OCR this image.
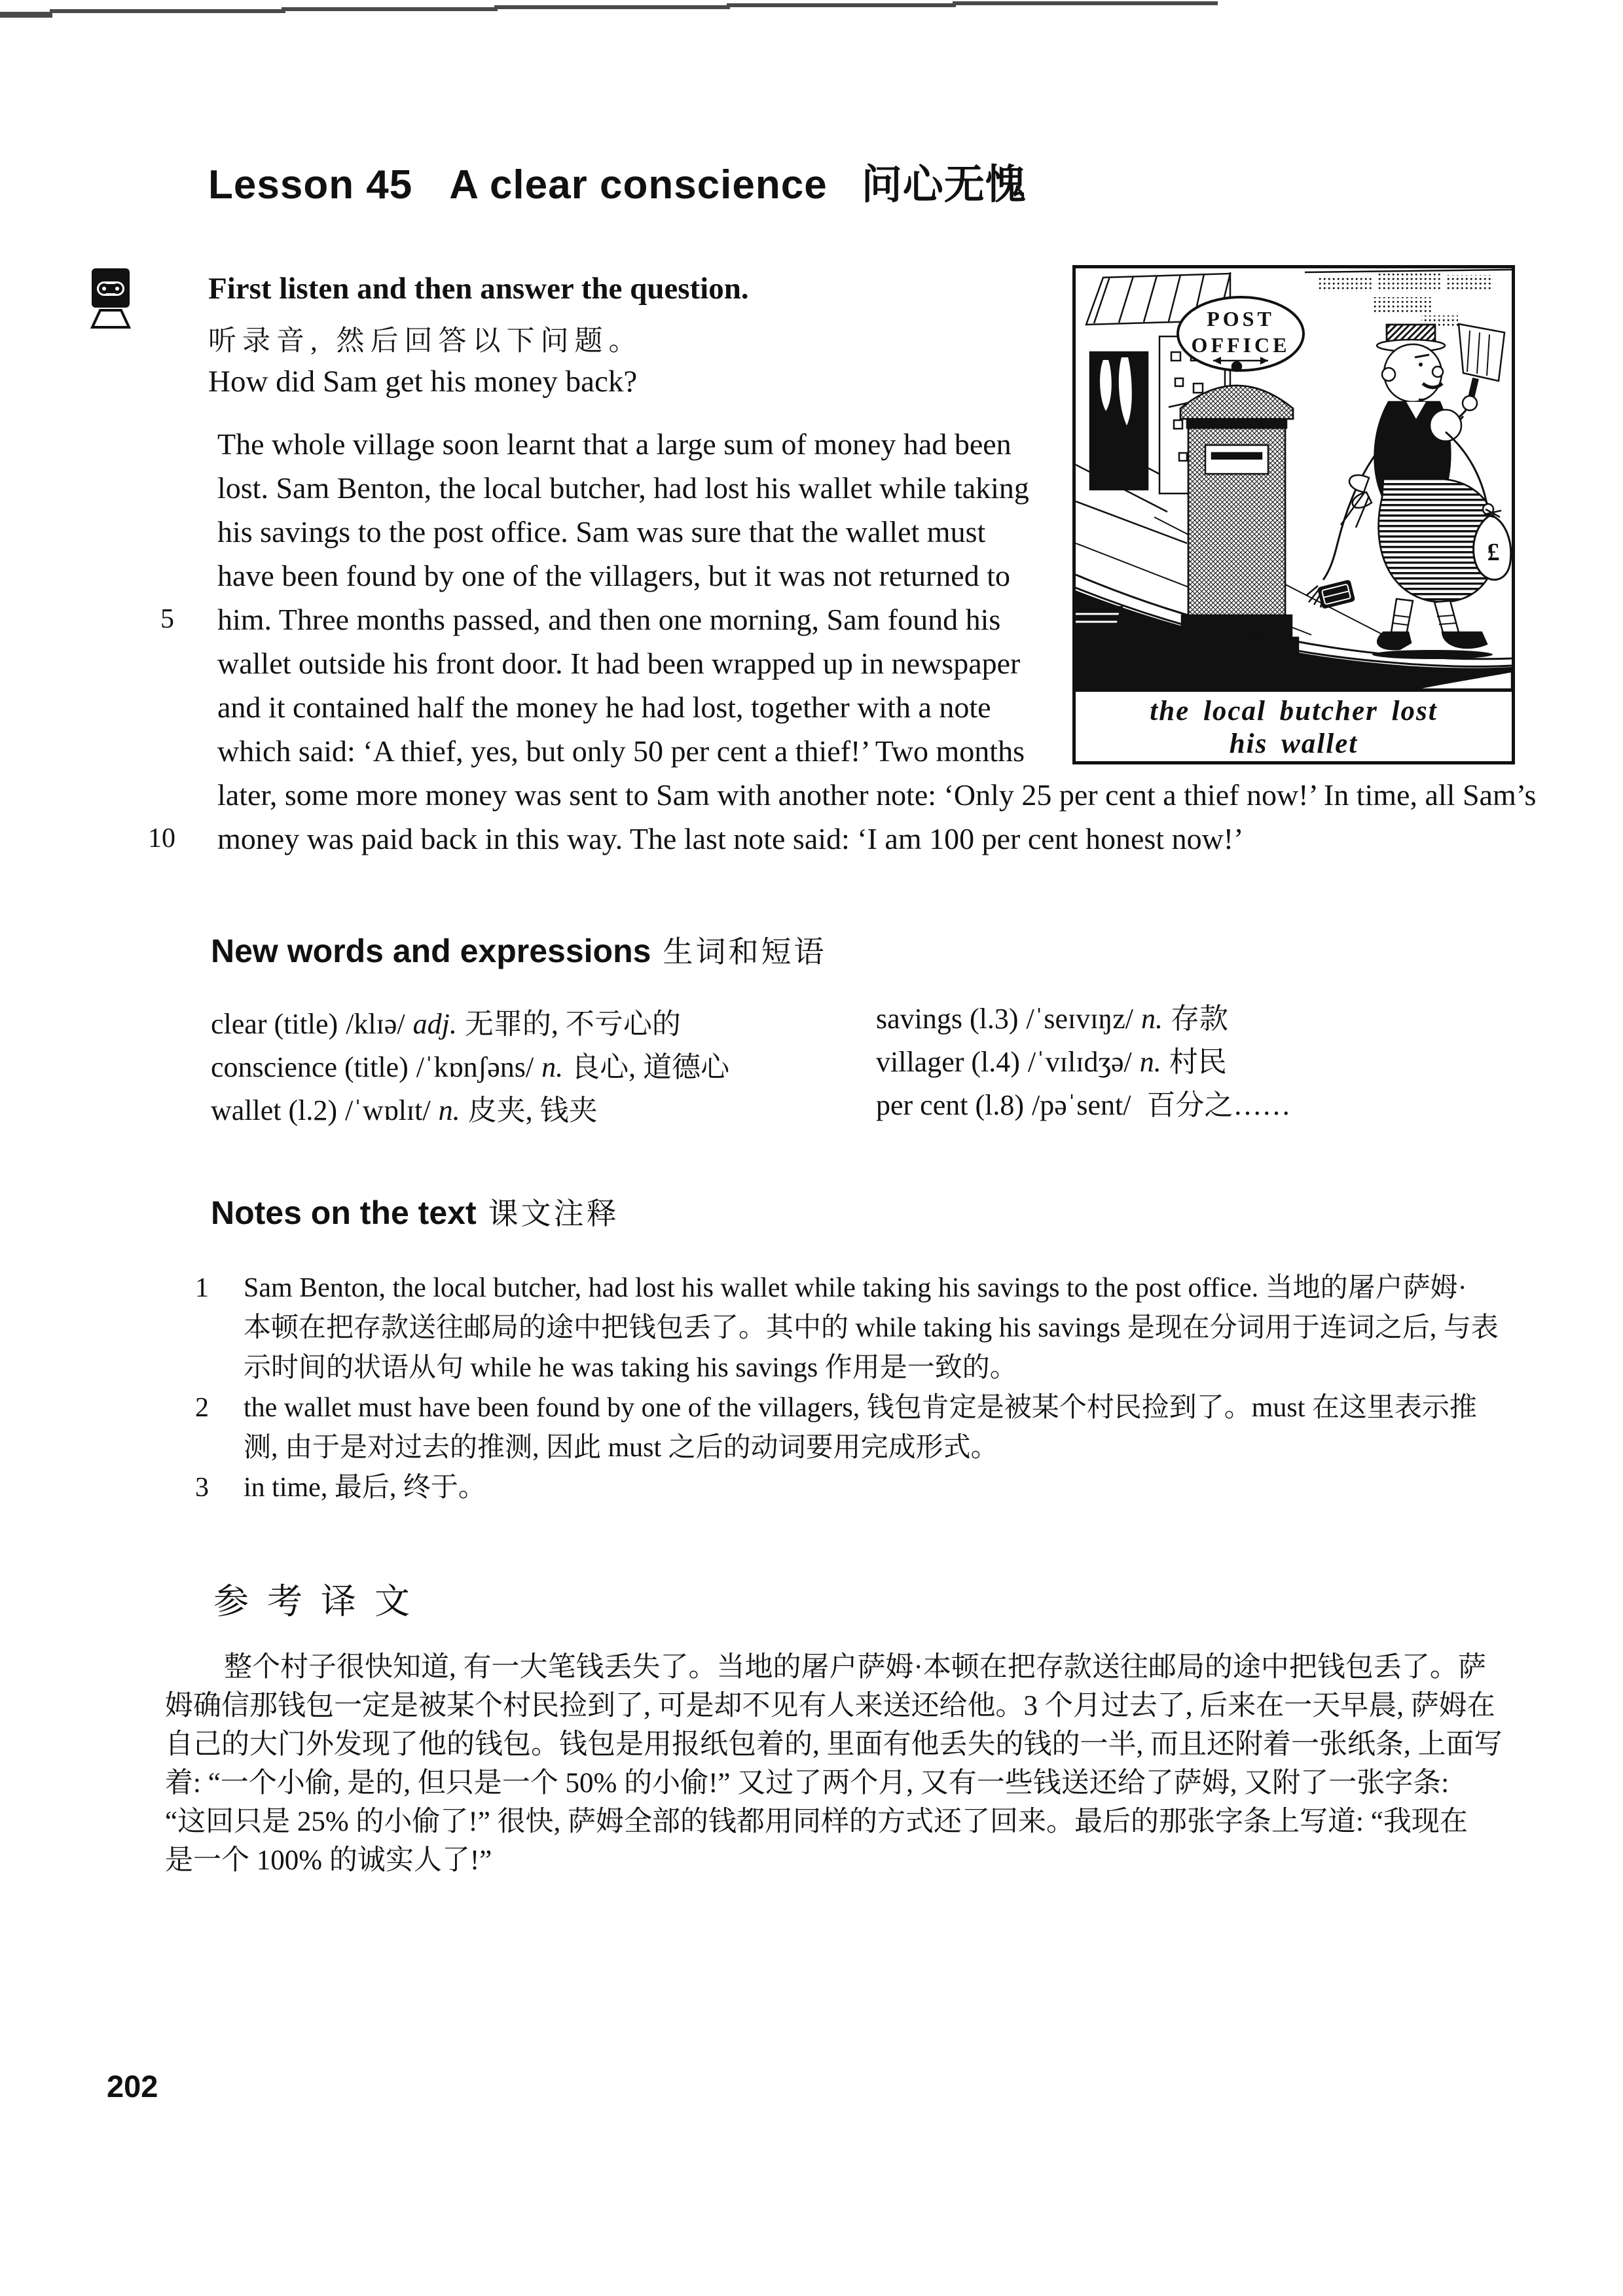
Lesson 45 A clear conscience 问心无愧
First listen and then answer the question.
听录音, 然后回答以下问题。
How did Sam get his money back?
The whole village soon learnt that a large sum of money had been
lost. Sam Benton, the local butcher, had lost his wallet while taking
his savings to the post office. Sam was sure that the wallet must
have been found by one of the villagers, but it was not returned to
him. Three months passed, and then one morning, Sam found his
wallet outside his front door. It had been wrapped up in newspaper
and it contained half the money he had lost, together with a note
which said: ‘A thief, yes, but only 50 per cent a thief!’ Two months
later, some more money was sent to Sam with another note: ‘Only 25 per cent a thief now!’ In time, all Sam’s
money was paid back in this way. The last note said: ‘I am 100 per cent honest now!’
5
10
POST
OFFICE
£
the local butcher lost
his wallet
New words and expressions 生词和短语
clear (title) /klɪə/ adj. 无罪的, 不亏心的
conscience (title) /ˈkɒnʃəns/ n. 良心, 道德心
wallet (l.2) /ˈwɒlɪt/ n. 皮夹, 钱夹
savings (l.3) /ˈseɪvɪŋz/ n. 存款
villager (l.4) /ˈvɪlɪdʒə/ n. 村民
per cent (l.8) /pəˈsent/ 百分之……
Notes on the text 课文注释
1	Sam Benton, the local butcher, had lost his wallet while taking his savings to the post office. 当地的屠户萨姆·
本顿在把存款送往邮局的途中把钱包丢了。其中的 while taking his savings 是现在分词用于连词之后, 与表
示时间的状语从句 while he was taking his savings 作用是一致的。
2	the wallet must have been found by one of the villagers, 钱包肯定是被某个村民捡到了。must 在这里表示推
测, 由于是对过去的推测, 因此 must 之后的动词要用完成形式。
3	in time, 最后, 终于。
参考译文
整个村子很快知道, 有一大笔钱丢失了。当地的屠户萨姆·本顿在把存款送往邮局的途中把钱包丢了。萨
姆确信那钱包一定是被某个村民捡到了, 可是却不见有人来送还给他。3 个月过去了, 后来在一天早晨, 萨姆在
自己的大门外发现了他的钱包。钱包是用报纸包着的, 里面有他丢失的钱的一半, 而且还附着一张纸条, 上面写
着: “一个小偷, 是的, 但只是一个 50% 的小偷!” 又过了两个月, 又有一些钱送还给了萨姆, 又附了一张字条:
“这回只是 25% 的小偷了!” 很快, 萨姆全部的钱都用同样的方式还了回来。最后的那张字条上写道: “我现在
是一个 100% 的诚实人了!”
202
